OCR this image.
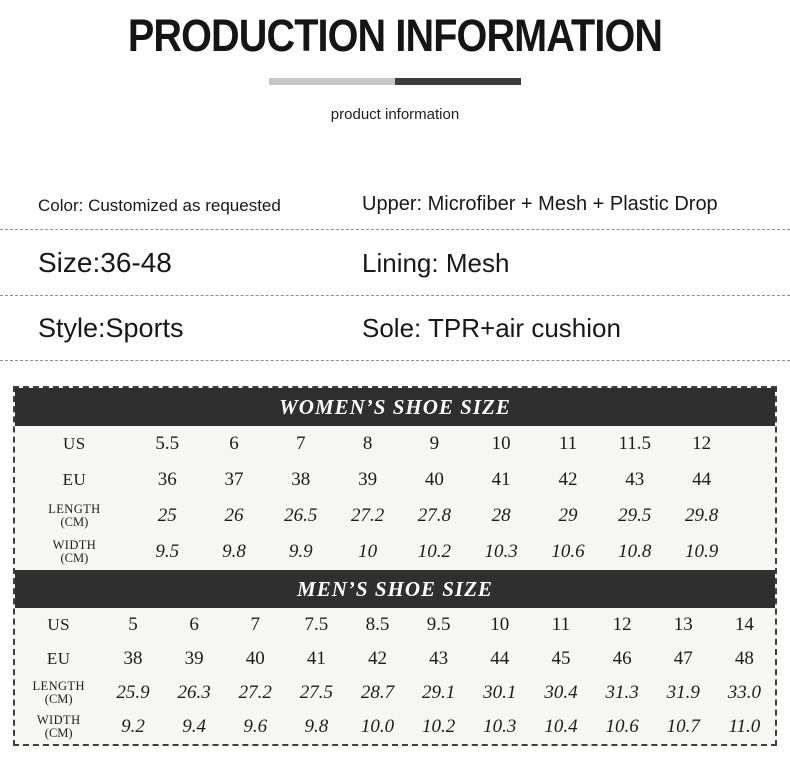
PRODUCTION INFORMATION
product information
Color: Customized as requested	Upper: Microfiber + Mesh + Plastic Drop
Size:36-48	Lining: Mesh
Style:Sports	Sole: TPR+air cushion
WOMEN’S SHOE SIZE
US	5.5	6	7	8	9	10	11	11.5	12

EU	36	37	38	39	40	41	42	43	44

LENGTH
(CM)	25	26	26.5	27.2	27.8	28	29	29.5	29.8

WIDTH
(CM)	9.5	9.8	9.9	10	10.2	10.3	10.6	10.8	10.9
MEN’S SHOE SIZE
US	5	6	7	7.5	8.5	9.5	10	11	12	13	14

EU	38	39	40	41	42	43	44	45	46	47	48

LENGTH
(CM)	25.9	26.3	27.2	27.5	28.7	29.1	30.1	30.4	31.3	31.9	33.0

WIDTH
(CM)	9.2	9.4	9.6	9.8	10.0	10.2	10.3	10.4	10.6	10.7	11.0
